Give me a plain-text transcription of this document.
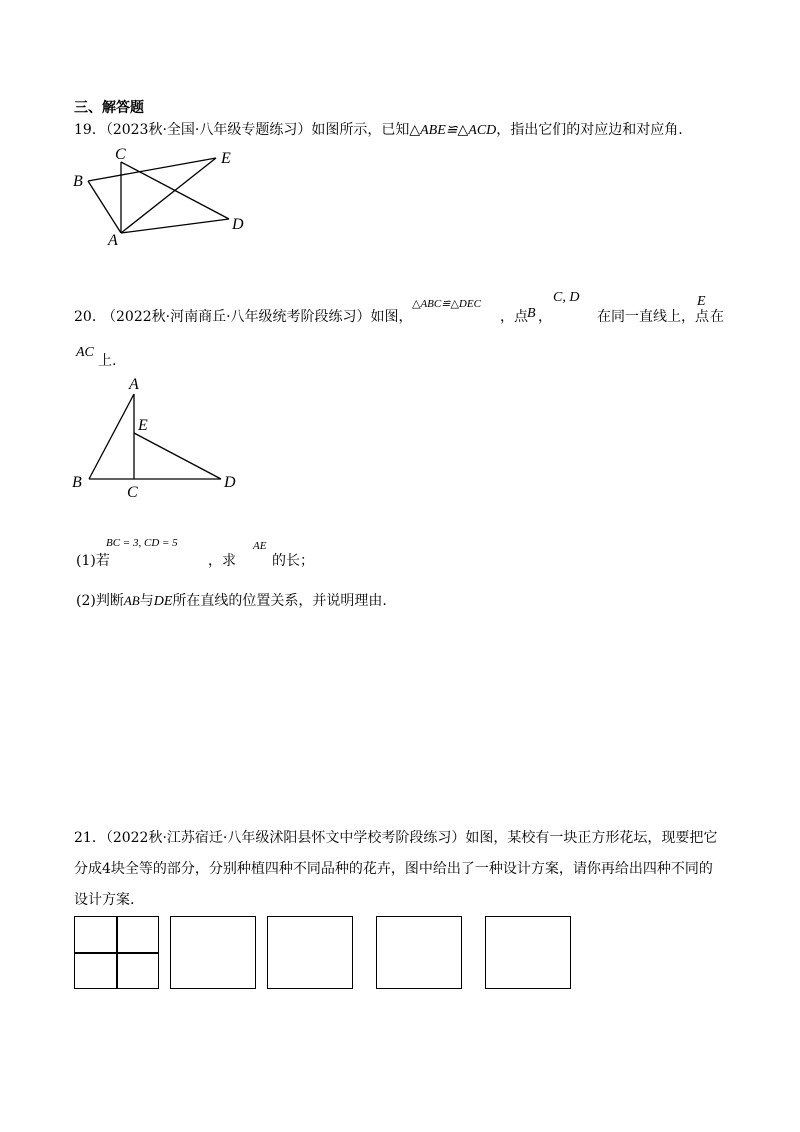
三、解答题
19．（2023秋·全国·八年级专题练习）如图所示，已知△ABE≌△ACD，指出它们的对应边和对应角.
B
C	E
A
D
20．
（2022秋·河南商丘·八年级统考阶段练习）如图，
△ABC≌△DEC
，点 B ，
C, D
在同一直线上，点
E
在
AC
上.
A
E
B
C
D
(1)若
BC = 3, CD = 5
，求
AE
的长；
(2)判断AB与DE所在直线的位置关系，并说明理由.
21．（2022秋·江苏宿迁·八年级沭阳县怀文中学校考阶段练习）如图，某校有一块正方形花坛，现要把它
分成4块全等的部分，分别种植四种不同品种的花卉，图中给出了一种设计方案，请你再给出四种不同的
设计方案.
